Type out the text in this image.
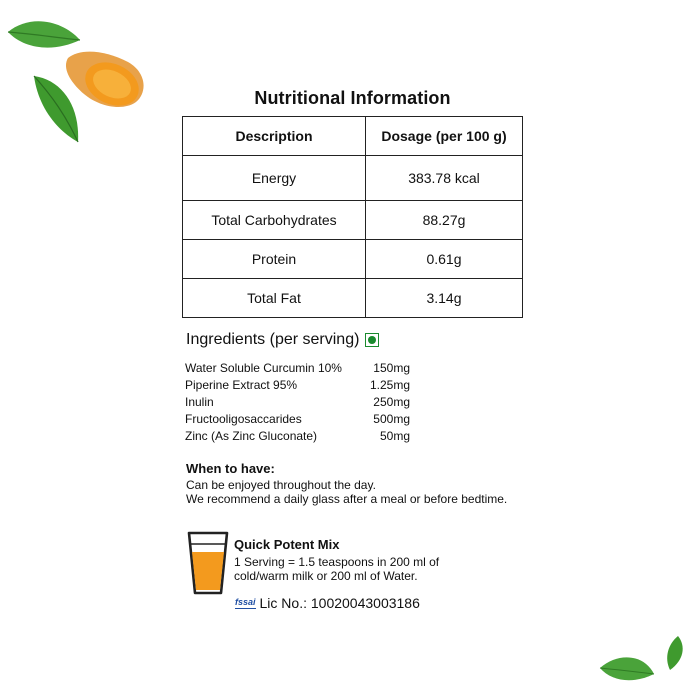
Nutritional Information
Description	Dosage (per 100 g)
Energy	383.78 kcal
Total Carbohydrates	88.27g
Protein	0.61g
Total Fat	3.14g
Ingredients (per serving)
Water Soluble Curcumin 10%	150mg
Piperine Extract 95%	1.25mg
Inulin	250mg
Fructooligosaccarides	500mg
Zinc (As Zinc Gluconate)	50mg
When to have:
Can be enjoyed throughout the day.
We recommend a daily glass after a meal or before bedtime.
Quick Potent Mix
1 Serving = 1.5 teaspoons in 200 ml of
cold/warm milk or 200 ml of Water.
fssai Lic No.: 10020043003186
